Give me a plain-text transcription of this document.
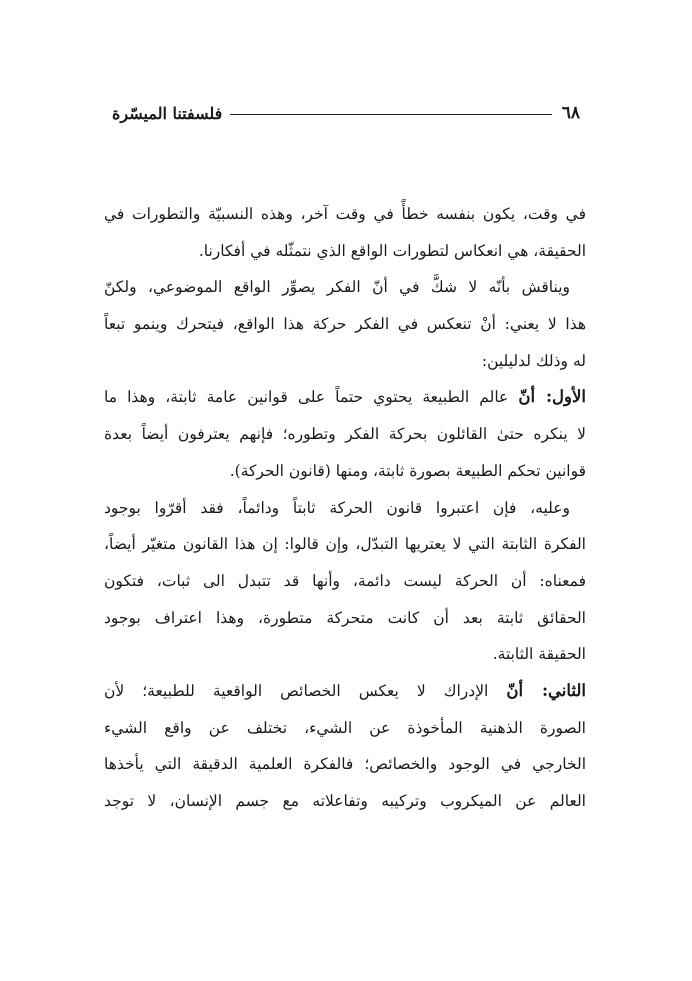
٦٨
فلسفتنا الميسّرة
في وقت، يكون بنفسه خطأً في وقت آخر، وهذه النسبيّة والتطورات في
الحقيقة، هي انعكاس لتطورات الواقع الذي نتمثّله في أفكارنا.
ويناقش بأنّه لا شكَّ في أنّ الفكر يصوِّر الواقع الموضوعي، ولكنّ
هذا لا يعني: أنْ تنعكس في الفكر حركة هذا الواقع، فيتحرك وينمو تبعاً
له وذلك لدليلين:
الأول: أنّ عالم الطبيعة يحتوي حتماً على قوانين عامة ثابتة، وهذا ما
لا ينكره حتىٰ القائلون بحركة الفكر وتطوره؛ فإنهم يعترفون أيضاً بعدة
قوانين تحكم الطبيعة بصورة ثابتة، ومنها (قانون الحركة).
وعليه، فإن اعتبروا قانون الحركة ثابتاً ودائماً، فقد أقرّوا بوجود
الفكرة الثابتة التي لا يعتريها التبدّل، وإن قالوا: إن هذا القانون متغيّر أيضاً،
فمعناه: أن الحركة ليست دائمة، وأنها قد تتبدل الى ثبات، فتكون
الحقائق ثابتة بعد أن كانت متحركة متطورة، وهذا اعتراف بوجود
الحقيقة الثابتة.
الثاني: أنّ الإدراك لا يعكس الخصائص الواقعية للطبيعة؛ لأن
الصورة الذهنية المأخوذة عن الشيء، تختلف عن واقع الشيء
الخارجي في الوجود والخصائص؛ فالفكرة العلمية الدقيقة التي يأخذها
العالم عن الميكروب وتركيبه وتفاعلاته مع جسم الإنسان، لا توجد
